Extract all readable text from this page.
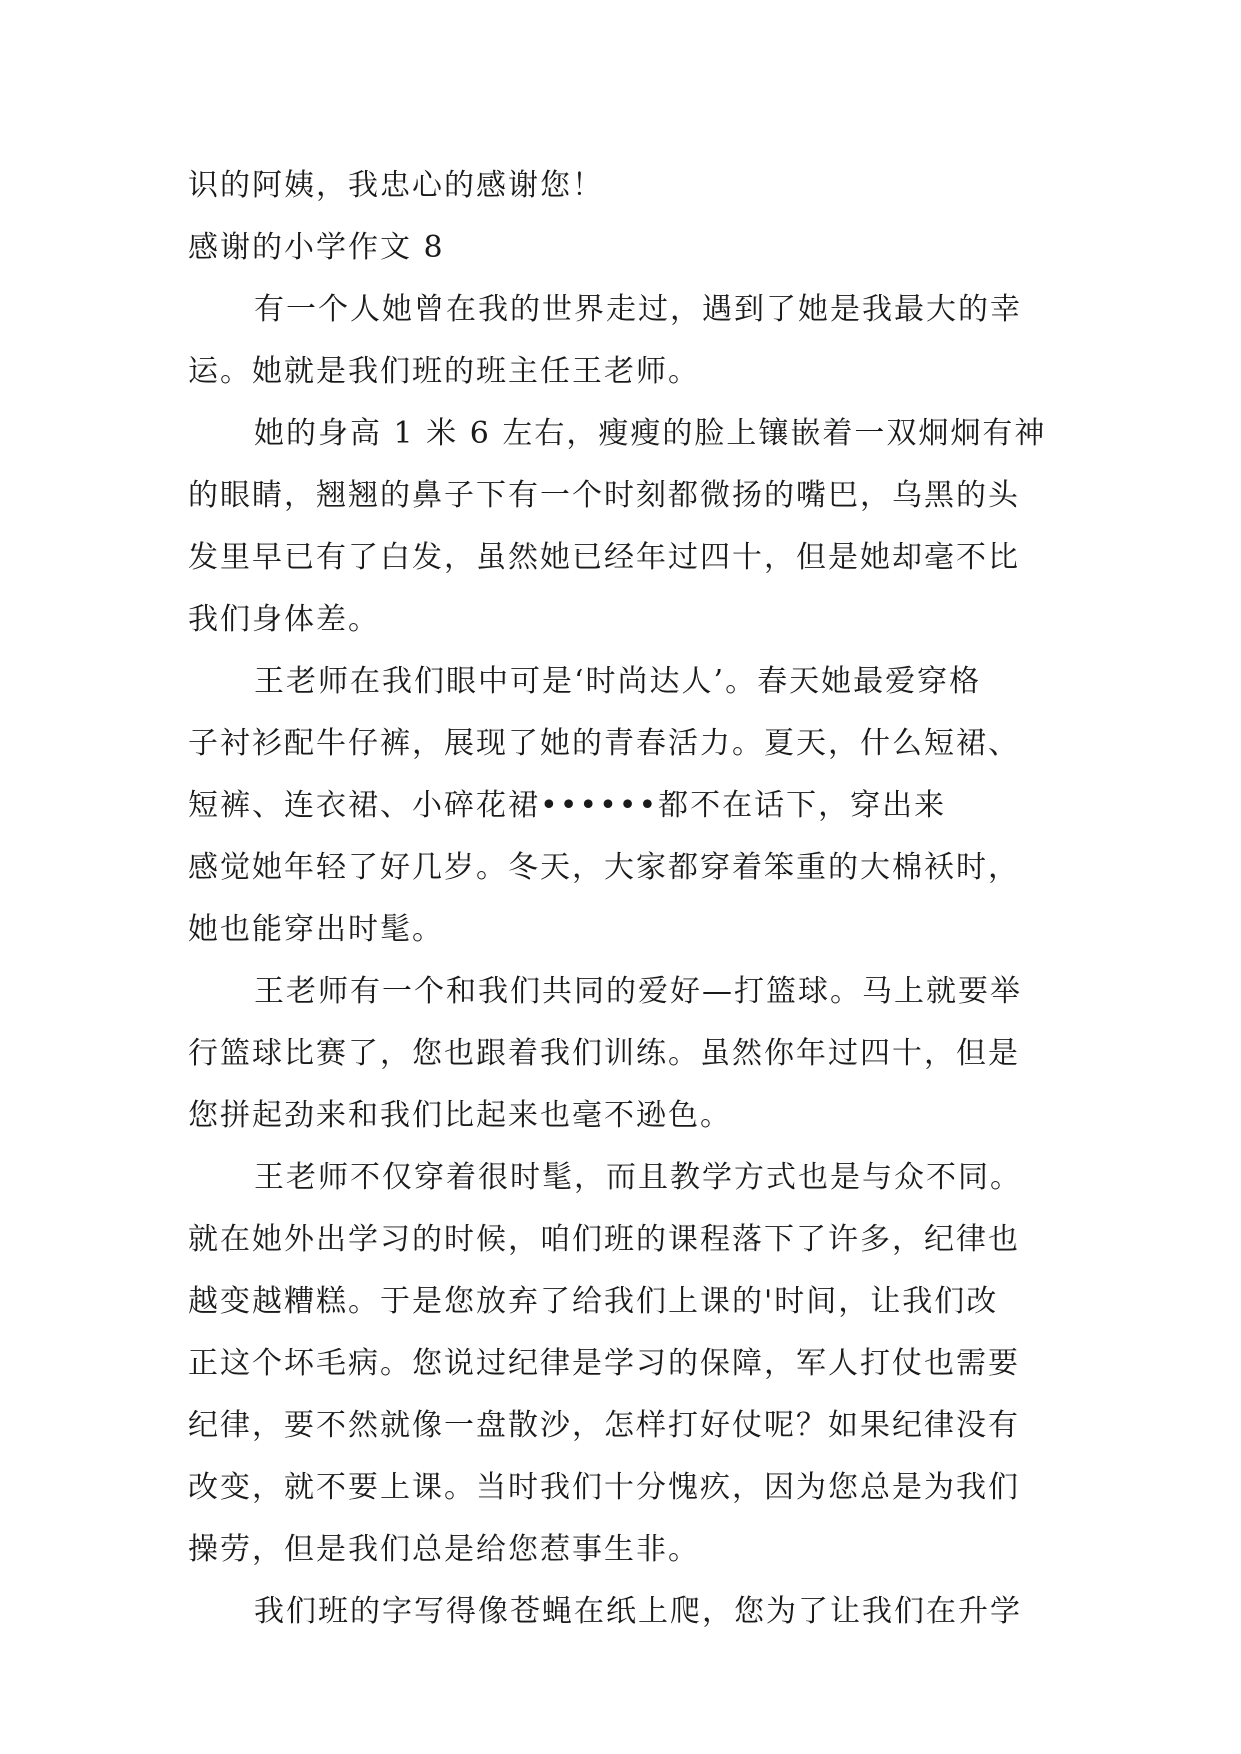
识的阿姨，我忠心的感谢您！
感谢的小学作文 8
有一个人她曾在我的世界走过，遇到了她是我最大的幸
运。她就是我们班的班主任王老师。
她的身高 1 米 6 左右，瘦瘦的脸上镶嵌着一双炯炯有神
的眼睛，翘翘的鼻子下有一个时刻都微扬的嘴巴，乌黑的头
发里早已有了白发，虽然她已经年过四十，但是她却毫不比
我们身体差。
王老师在我们眼中可是‘时尚达人’。春天她最爱穿格
子衬衫配牛仔裤，展现了她的青春活力。夏天，什么短裙、
短裤、连衣裙、小碎花裙••••••都不在话下，穿出来
感觉她年轻了好几岁。冬天，大家都穿着笨重的大棉袄时，
她也能穿出时髦。
王老师有一个和我们共同的爱好—打篮球。马上就要举
行篮球比赛了，您也跟着我们训练。虽然你年过四十，但是
您拼起劲来和我们比起来也毫不逊色。
王老师不仅穿着很时髦，而且教学方式也是与众不同。
就在她外出学习的时候，咱们班的课程落下了许多，纪律也
越变越糟糕。于是您放弃了给我们上课的'时间，让我们改
正这个坏毛病。您说过纪律是学习的保障，军人打仗也需要
纪律，要不然就像一盘散沙，怎样打好仗呢？如果纪律没有
改变，就不要上课。当时我们十分愧疚，因为您总是为我们
操劳，但是我们总是给您惹事生非。
我们班的字写得像苍蝇在纸上爬，您为了让我们在升学
